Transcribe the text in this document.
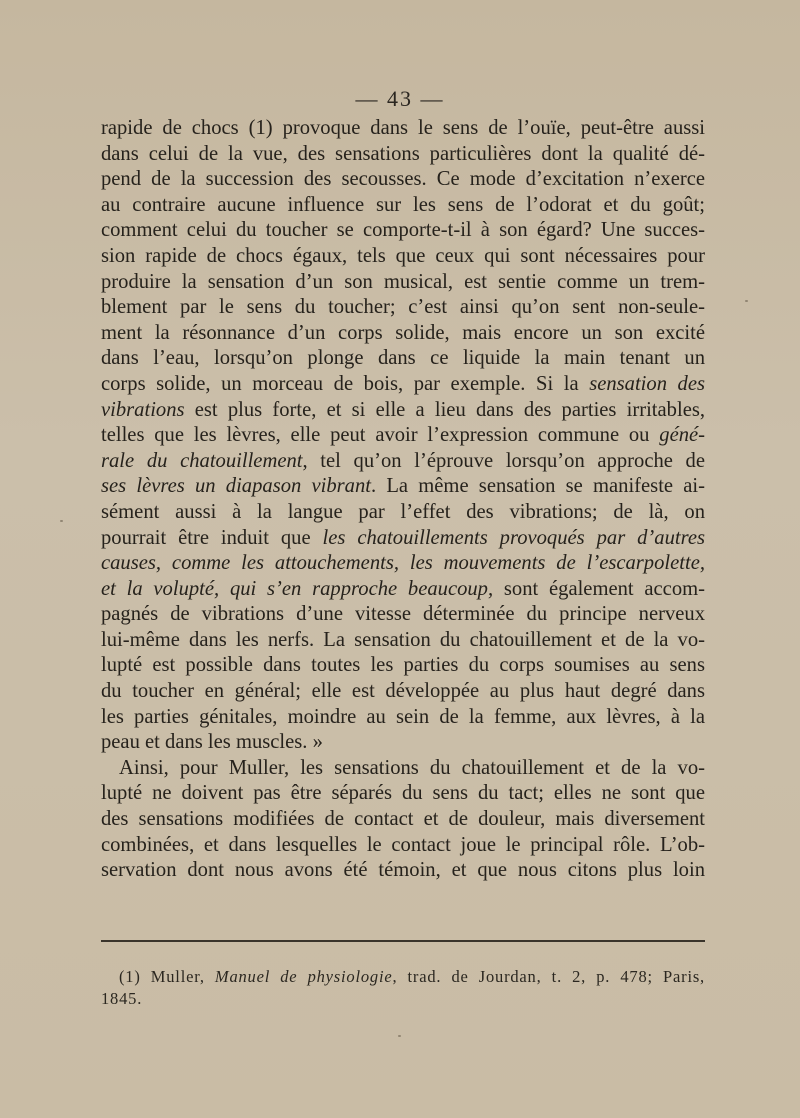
— 43 —
rapide de chocs (1) provoque dans le sens de l’ouïe, peut-être aussi
dans celui de la vue, des sensations particulières dont la qualité dé-
pend de la succession des secousses. Ce mode d’excitation n’exerce
au contraire aucune influence sur les sens de l’odorat et du goût;
comment celui du toucher se comporte-t-il à son égard? Une succes-
sion rapide de chocs égaux, tels que ceux qui sont nécessaires pour
produire la sensation d’un son musical, est sentie comme un trem-
blement par le sens du toucher; c’est ainsi qu’on sent non-seule-
ment la résonnance d’un corps solide, mais encore un son excité
dans l’eau, lorsqu’on plonge dans ce liquide la main tenant un
corps solide, un morceau de bois, par exemple. Si la sensation des
vibrations est plus forte, et si elle a lieu dans des parties irritables,
telles que les lèvres, elle peut avoir l’expression commune ou géné-
rale du chatouillement, tel qu’on l’éprouve lorsqu’on approche de
ses lèvres un diapason vibrant. La même sensation se manifeste ai-
sément aussi à la langue par l’effet des vibrations; de là, on
pourrait être induit que les chatouillements provoqués par d’autres
causes, comme les attouchements, les mouvements de l’escarpolette,
et la volupté, qui s’en rapproche beaucoup, sont également accom-
pagnés de vibrations d’une vitesse déterminée du principe nerveux
lui-même dans les nerfs. La sensation du chatouillement et de la vo-
lupté est possible dans toutes les parties du corps soumises au sens
du toucher en général; elle est développée au plus haut degré dans
les parties génitales, moindre au sein de la femme, aux lèvres, à la
peau et dans les muscles. »
Ainsi, pour Muller, les sensations du chatouillement et de la vo-
lupté ne doivent pas être séparés du sens du tact; elles ne sont que
des sensations modifiées de contact et de douleur, mais diversement
combinées, et dans lesquelles le contact joue le principal rôle. L’ob-
servation dont nous avons été témoin, et que nous citons plus loin
(1) Muller, Manuel de physiologie, trad. de Jourdan, t. 2, p. 478; Paris,
1845.
